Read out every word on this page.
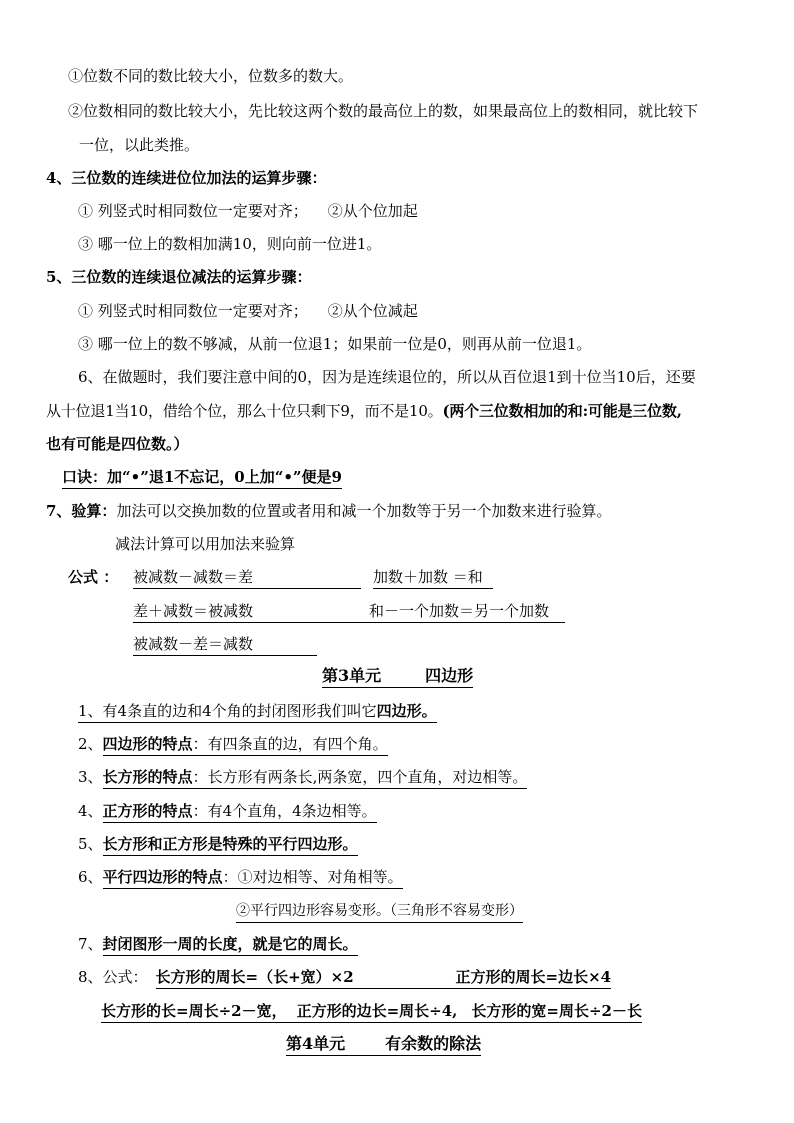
①位数不同的数比较大小，位数多的数大。
②位数相同的数比较大小，先比较这两个数的最高位上的数，如果最高位上的数相同，就比较下
一位，以此类推。
4、三位数的连续进位位加法的运算步骤：
① 列竖式时相同数位一定要对齐； ②从个位加起
③ 哪一位上的数相加满10，则向前一位进1。
5、三位数的连续退位减法的运算步骤：
① 列竖式时相同数位一定要对齐； ②从个位减起
③ 哪一位上的数不够减，从前一位退1；如果前一位是0，则再从前一位退1。
6、在做题时，我们要注意中间的0，因为是连续退位的，所以从百位退1到十位当10后，还要
从十位退1当10，借给个位，那么十位只剩下9，而不是10。(两个三位数相加的和:可能是三位数,
也有可能是四位数。）
口诀：加“•”退1不忘记，0上加“•”便是9
7、验算：加法可以交换加数的位置或者用和减一个加数等于另一个加数来进行验算。
减法计算可以用加法来验算
公式 ： 被减数－减数＝差	加数＋加数 ＝和
差＋减数＝被减数	和－一个加数＝另一个加数
被减数－差＝减数
第3单元	四边形
1、有4条直的边和4个角的封闭图形我们叫它四边形。
2、四边形的特点：有四条直的边，有四个角。
3、长方形的特点：长方形有两条长,两条宽，四个直角，对边相等。
4、正方形的特点：有4个直角，4条边相等。
5、长方形和正方形是特殊的平行四边形。
6、平行四边形的特点：①对边相等、对角相等。
②平行四边形容易变形。（三角形不容易变形）
7、封闭图形一周的长度，就是它的周长。
8、公式： 长方形的周长=（长+宽）×2	正方形的周长=边长×4
长方形的长=周长÷2－宽， 正方形的边长=周长÷4, 长方形的宽=周长÷2－长
第4单元	有余数的除法
